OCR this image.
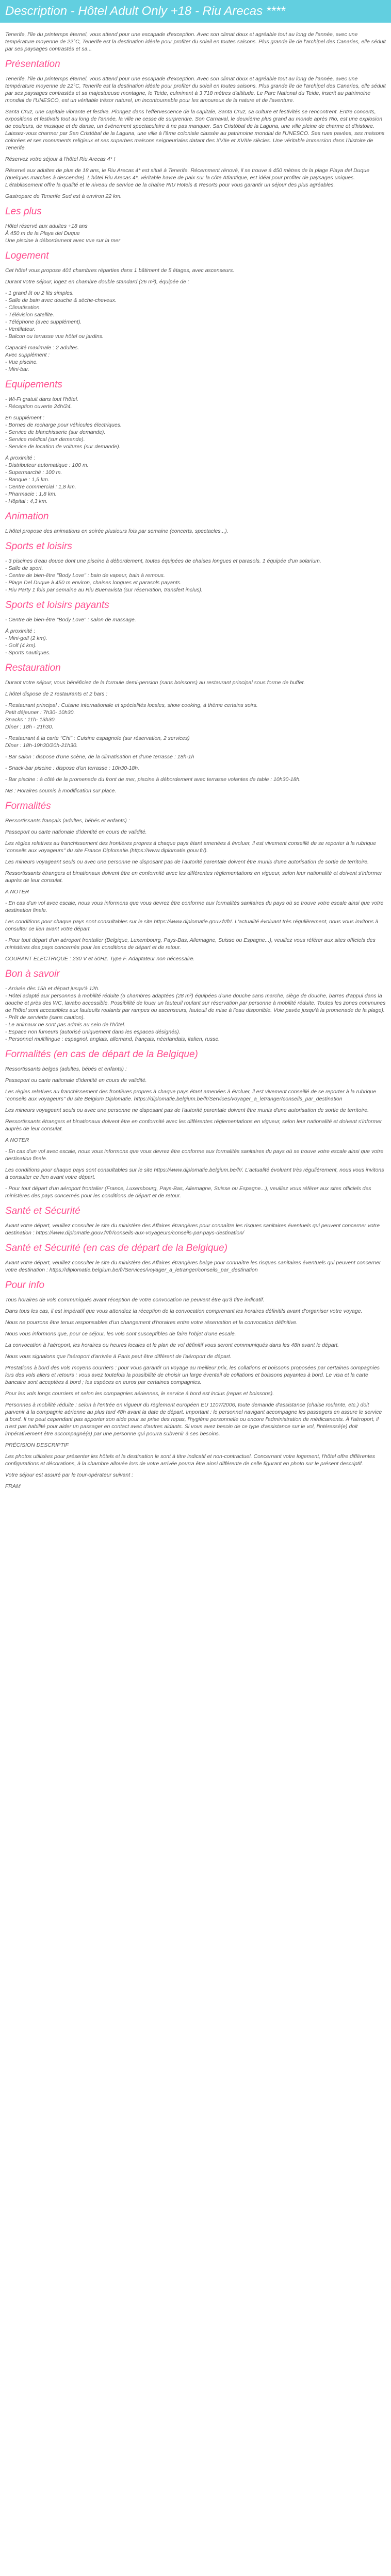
Description - Hôtel Adult Only +18 - Riu Arecas ****
Tenerife, l'île du printemps éternel, vous attend pour une escapade d'exception. Avec son climat doux et agréable tout au long de l'année, avec une température moyenne de 22°C, Tenerife est la destination idéale pour profiter du soleil en toutes saisons. Plus grande île de l'archipel des Canaries, elle séduit par ses paysages contrastés et sa...
Présentation
Tenerife, l'île du printemps éternel, vous attend pour une escapade d'exception. Avec son climat doux et agréable tout au long de l'année, avec une température moyenne de 22°C, Tenerife est la destination idéale pour profiter du soleil en toutes saisons. Plus grande île de l'archipel des Canaries, elle séduit par ses paysages contrastés et sa majestueuse montagne, le Teide, culminant à 3 718 mètres d'altitude. Le Parc National du Teide, inscrit au patrimoine mondial de l'UNESCO, est un véritable trésor naturel, un incontournable pour les amoureux de la nature et de l'aventure.
Santa Cruz, une capitale vibrante et festive. Plongez dans l'effervescence de la capitale, Santa Cruz, sa culture et festivités se rencontrent. Entre concerts, expositions et festivals tout au long de l'année, la ville ne cesse de surprendre. Son Carnaval, le deuxième plus grand au monde après Rio, est une explosion de couleurs, de musique et de danse, un événement spectaculaire à ne pas manquer. San Cristóbal de la Laguna, une ville pleine de charme et d'histoire. Laissez-vous charmer par San Cristóbal de la Laguna, une ville à l'âme coloniale classée au patrimoine mondial de l'UNESCO. Ses rues pavées, ses maisons colorées et ses monuments religieux et ses superbes maisons seigneuriales datant des XVIIe et XVIIIe siècles. Une véritable immersion dans l'histoire de Tenerife.
Réservez votre séjour à l'hôtel Riu Arecas 4* !
Réservé aux adultes de plus de 18 ans, le Riu Arecas 4* est situé à Tenerife. Récemment rénové, il se trouve à 450 mètres de la plage Playa del Duque (quelques marches à descendre). L'hôtel Riu Arecas 4*, véritable havre de paix sur la côte Atlantique, est idéal pour profiter de paysages uniques. L'établissement offre la qualité et le niveau de service de la chaîne RIU Hotels & Resorts pour vous garantir un séjour des plus agréables.
Gastroparc de Tenerife Sud est à environ 22 km.
Les plus
Hôtel réservé aux adultes +18 ans
À 450 m de la Playa del Duque
Une piscine à débordement avec vue sur la mer
Logement
Cet hôtel vous propose 401 chambres réparties dans 1 bâtiment de 5 étages, avec ascenseurs.
Durant votre séjour, logez en chambre double standard (26 m²), équipée de :
- 1 grand lit ou 2 lits simples.
- Salle de bain avec douche & sèche-cheveux.
- Climatisation.
- Télévision satellite.
- Téléphone (avec supplément).
- Ventilateur.
- Balcon ou terrasse vue hôtel ou jardins.
Capacité maximale : 2 adultes.
Avec supplément :
- Vue piscine.
- Mini-bar.
Equipements
- Wi-Fi gratuit dans tout l'hôtel.
- Réception ouverte 24h/24.
En supplément :
- Bornes de recharge pour véhicules électriques.
- Service de blanchisserie (sur demande).
- Service médical (sur demande).
- Service de location de voitures (sur demande).
À proximité :
- Distributeur automatique : 100 m.
- Supermarché : 100 m.
- Banque : 1,5 km.
- Centre commercial : 1,8 km.
- Pharmacie : 1,8 km.
- Hôpital : 4,3 km.
Animation
L'hôtel propose des animations en soirée plusieurs fois par semaine (concerts, spectacles...).
Sports et loisirs
- 3 piscines d'eau douce dont une piscine à débordement, toutes équipées de chaises longues et parasols. 1 équipée d'un solarium.
- Salle de sport.
- Centre de bien-être "Body Love" : bain de vapeur, bain à remous.
- Plage Del Duque à 450 m environ, chaises longues et parasols payants.
- Riu Party 1 fois par semaine au Riu Buenavista (sur réservation, transfert inclus).
Sports et loisirs payants
- Centre de bien-être "Body Love" : salon de massage.
À proximité :
- Mini-golf (2 km).
- Golf (4 km).
- Sports nautiques.
Restauration
Durant votre séjour, vous bénéficiez de la formule demi-pension (sans boissons) au restaurant principal sous forme de buffet.
L'hôtel dispose de 2 restaurants et 2 bars :
- Restaurant principal : Cuisine internationale et spécialités locales, show cooking, à thème certains soirs.
Petit déjeuner : 7h30- 10h30.
Snacks : 11h- 13h30.
Dîner : 18h - 21h30.
- Restaurant à la carte "Chi" : Cuisine espagnole (sur réservation, 2 services)
Dîner : 18h-19h30/20h-21h30.
- Bar salon : dispose d'une scène, de la climatisation et d'une terrasse : 18h-1h
- Snack-bar piscine : dispose d'un terrasse : 10h30-18h.
- Bar piscine : à côté de la promenade du front de mer, piscine à débordement avec terrasse volantes de table : 10h30-18h.
NB : Horaires soumis à modification sur place.
Formalités
Ressortissants français (adultes, bébés et enfants) :
Passeport ou carte nationale d'identité en cours de validité.
Les règles relatives au franchissement des frontières propres à chaque pays étant amenées à évoluer, il est vivement conseillé de se reporter à la rubrique "conseils aux voyageurs" du site France Diplomatie.(https://www.diplomatie.gouv.fr/).
Les mineurs voyageant seuls ou avec une personne ne disposant pas de l'autorité parentale doivent être munis d'une autorisation de sortie de territoire.
Ressortissants étrangers et binationaux doivent être en conformité avec les différentes réglementations en vigueur, selon leur nationalité et doivent s'informer auprès de leur consulat.
A NOTER
- En cas d'un vol avec escale, nous vous informons que vous devrez être conforme aux formalités sanitaires du pays où se trouve votre escale ainsi que votre destination finale.
Les conditions pour chaque pays sont consultables sur le site https://www.diplomatie.gouv.fr/fr/. L'actualité évoluant très régulièrement, nous vous invitons à consulter ce lien avant votre départ.
- Pour tout départ d'un aéroport frontalier (Belgique, Luxembourg, Pays-Bas, Allemagne, Suisse ou Espagne...), veuillez vous référer aux sites officiels des ministères des pays concernés pour les conditions de départ et de retour.
COURANT ELECTRIQUE : 230 V et 50Hz. Type F. Adaptateur non nécessaire.
Bon à savoir
- Arrivée dès 15h et départ jusqu'à 12h.
- Hôtel adapté aux personnes à mobilité réduite (5 chambres adaptées (28 m²) équipées d'une douche sans marche, siège de douche, barres d'appui dans la douche et près des WC, lavabo accessible. Possibilité de louer un fauteuil roulant sur réservation par personne à mobilité réduite. Toutes les zones communes de l'hôtel sont accessibles aux fauteuils roulants par rampes ou ascenseurs, fauteuil de mise à l'eau disponible. Voie pavée jusqu'à la promenade de la plage).
- Prêt de serviette (sans caution).
- Le animaux ne sont pas admis au sein de l'hôtel.
- Espace non fumeurs (autorisé uniquement dans les espaces désignés).
- Personnel multilingue : espagnol, anglais, allemand, français, néerlandais, italien, russe.
Formalités (en cas de départ de la Belgique)
Ressortissants belges (adultes, bébés et enfants) :
Passeport ou carte nationale d'identité en cours de validité.
Les règles relatives au franchissement des frontières propres à chaque pays étant amenées à évoluer, il est vivement conseillé de se reporter à la rubrique "conseils aux voyageurs" du site Belgium Diplomatie. https://diplomatie.belgium.be/fr/Services/voyager_a_letranger/conseils_par_destination
Les mineurs voyageant seuls ou avec une personne ne disposant pas de l'autorité parentale doivent être munis d'une autorisation de sortie de territoire.
Ressortissants étrangers et binationaux doivent être en conformité avec les différentes réglementations en vigueur, selon leur nationalité et doivent s'informer auprès de leur consulat.
A NOTER
- En cas d'un vol avec escale, nous vous informons que vous devrez être conforme aux formalités sanitaires du pays où se trouve votre escale ainsi que votre destination finale.
Les conditions pour chaque pays sont consultables sur le site https://www.diplomatie.belgium.be/fr/. L'actualité évoluant très régulièrement, nous vous invitons à consulter ce lien avant votre départ.
- Pour tout départ d'un aéroport frontalier (France, Luxembourg, Pays-Bas, Allemagne, Suisse ou Espagne...), veuillez vous référer aux sites officiels des ministères des pays concernés pour les conditions de départ et de retour.
Santé et Sécurité
Avant votre départ, veuillez consulter le site du ministère des Affaires étrangères pour connaître les risques sanitaires éventuels qui peuvent concerner votre destination : https://www.diplomatie.gouv.fr/fr/conseils-aux-voyageurs/conseils-par-pays-destination/
Santé et Sécurité (en cas de départ de la Belgique)
Avant votre départ, veuillez consulter le site du ministère des Affaires étrangères belge pour connaître les risques sanitaires éventuels qui peuvent concerner votre destination : https://diplomatie.belgium.be/fr/Services/voyager_a_letranger/conseils_par_destination
Pour info
Tous horaires de vols communiqués avant réception de votre convocation ne peuvent être qu'à titre indicatif.
Dans tous les cas, il est impératif que vous attendiez la réception de la convocation comprenant les horaires définitifs avant d'organiser votre voyage.
Nous ne pourrons être tenus responsables d'un changement d'horaires entre votre réservation et la convocation définitive.
Nous vous informons que, pour ce séjour, les vols sont susceptibles de faire l'objet d'une escale.
La convocation à l'aéroport, les horaires ou heures locales et le plan de vol définitif vous seront communiqués dans les 48h avant le départ.
Nous vous signalons que l'aéroport d'arrivée à Paris peut être différent de l'aéroport de départ.
Prestations à bord des vols moyens courriers : pour vous garantir un voyage au meilleur prix, les collations et boissons proposées par certaines compagnies lors des vols allers et retours : vous avez toutefois la possibilité de choisir un large éventail de collations et boissons payantes à bord. Le visa et la carte bancaire sont acceptées à bord ; les espèces en euros par certaines compagnies.
Pour les vols longs courriers et selon les compagnies aériennes, le service à bord est inclus (repas et boissons).
Personnes à mobilité réduite : selon à l'entrée en vigueur du règlement européen EU 1107/2006, toute demande d'assistance (chaise roulante, etc.) doit parvenir à la compagnie aérienne au plus tard 48h avant la date de départ. Important : le personnel navigant accompagne les passagers en assure le service à bord. Il ne peut cependant pas apporter son aide pour se prise des repas, l'hygiène personnelle ou encore l'administration de médicaments. À l'aéroport, il n'est pas habilité pour aider un passager en contact avec d'autres aidants. Si vous avez besoin de ce type d'assistance sur le vol, l'intéressé(e) doit impérativement être accompagné(e) par une personne qui pourra subvenir à ses besoins.
PRÉCISION DESCRIPTIF
Les photos utilisées pour présenter les hôtels et la destination le sont à titre indicatif et non-contractuel. Concernant votre logement, l'hôtel offre différentes configurations et décorations, à la chambre allouée lors de votre arrivée pourra être ainsi différente de celle figurant en photo sur le présent descriptif.
Votre séjour est assuré par le tour-opérateur suivant :
FRAM
